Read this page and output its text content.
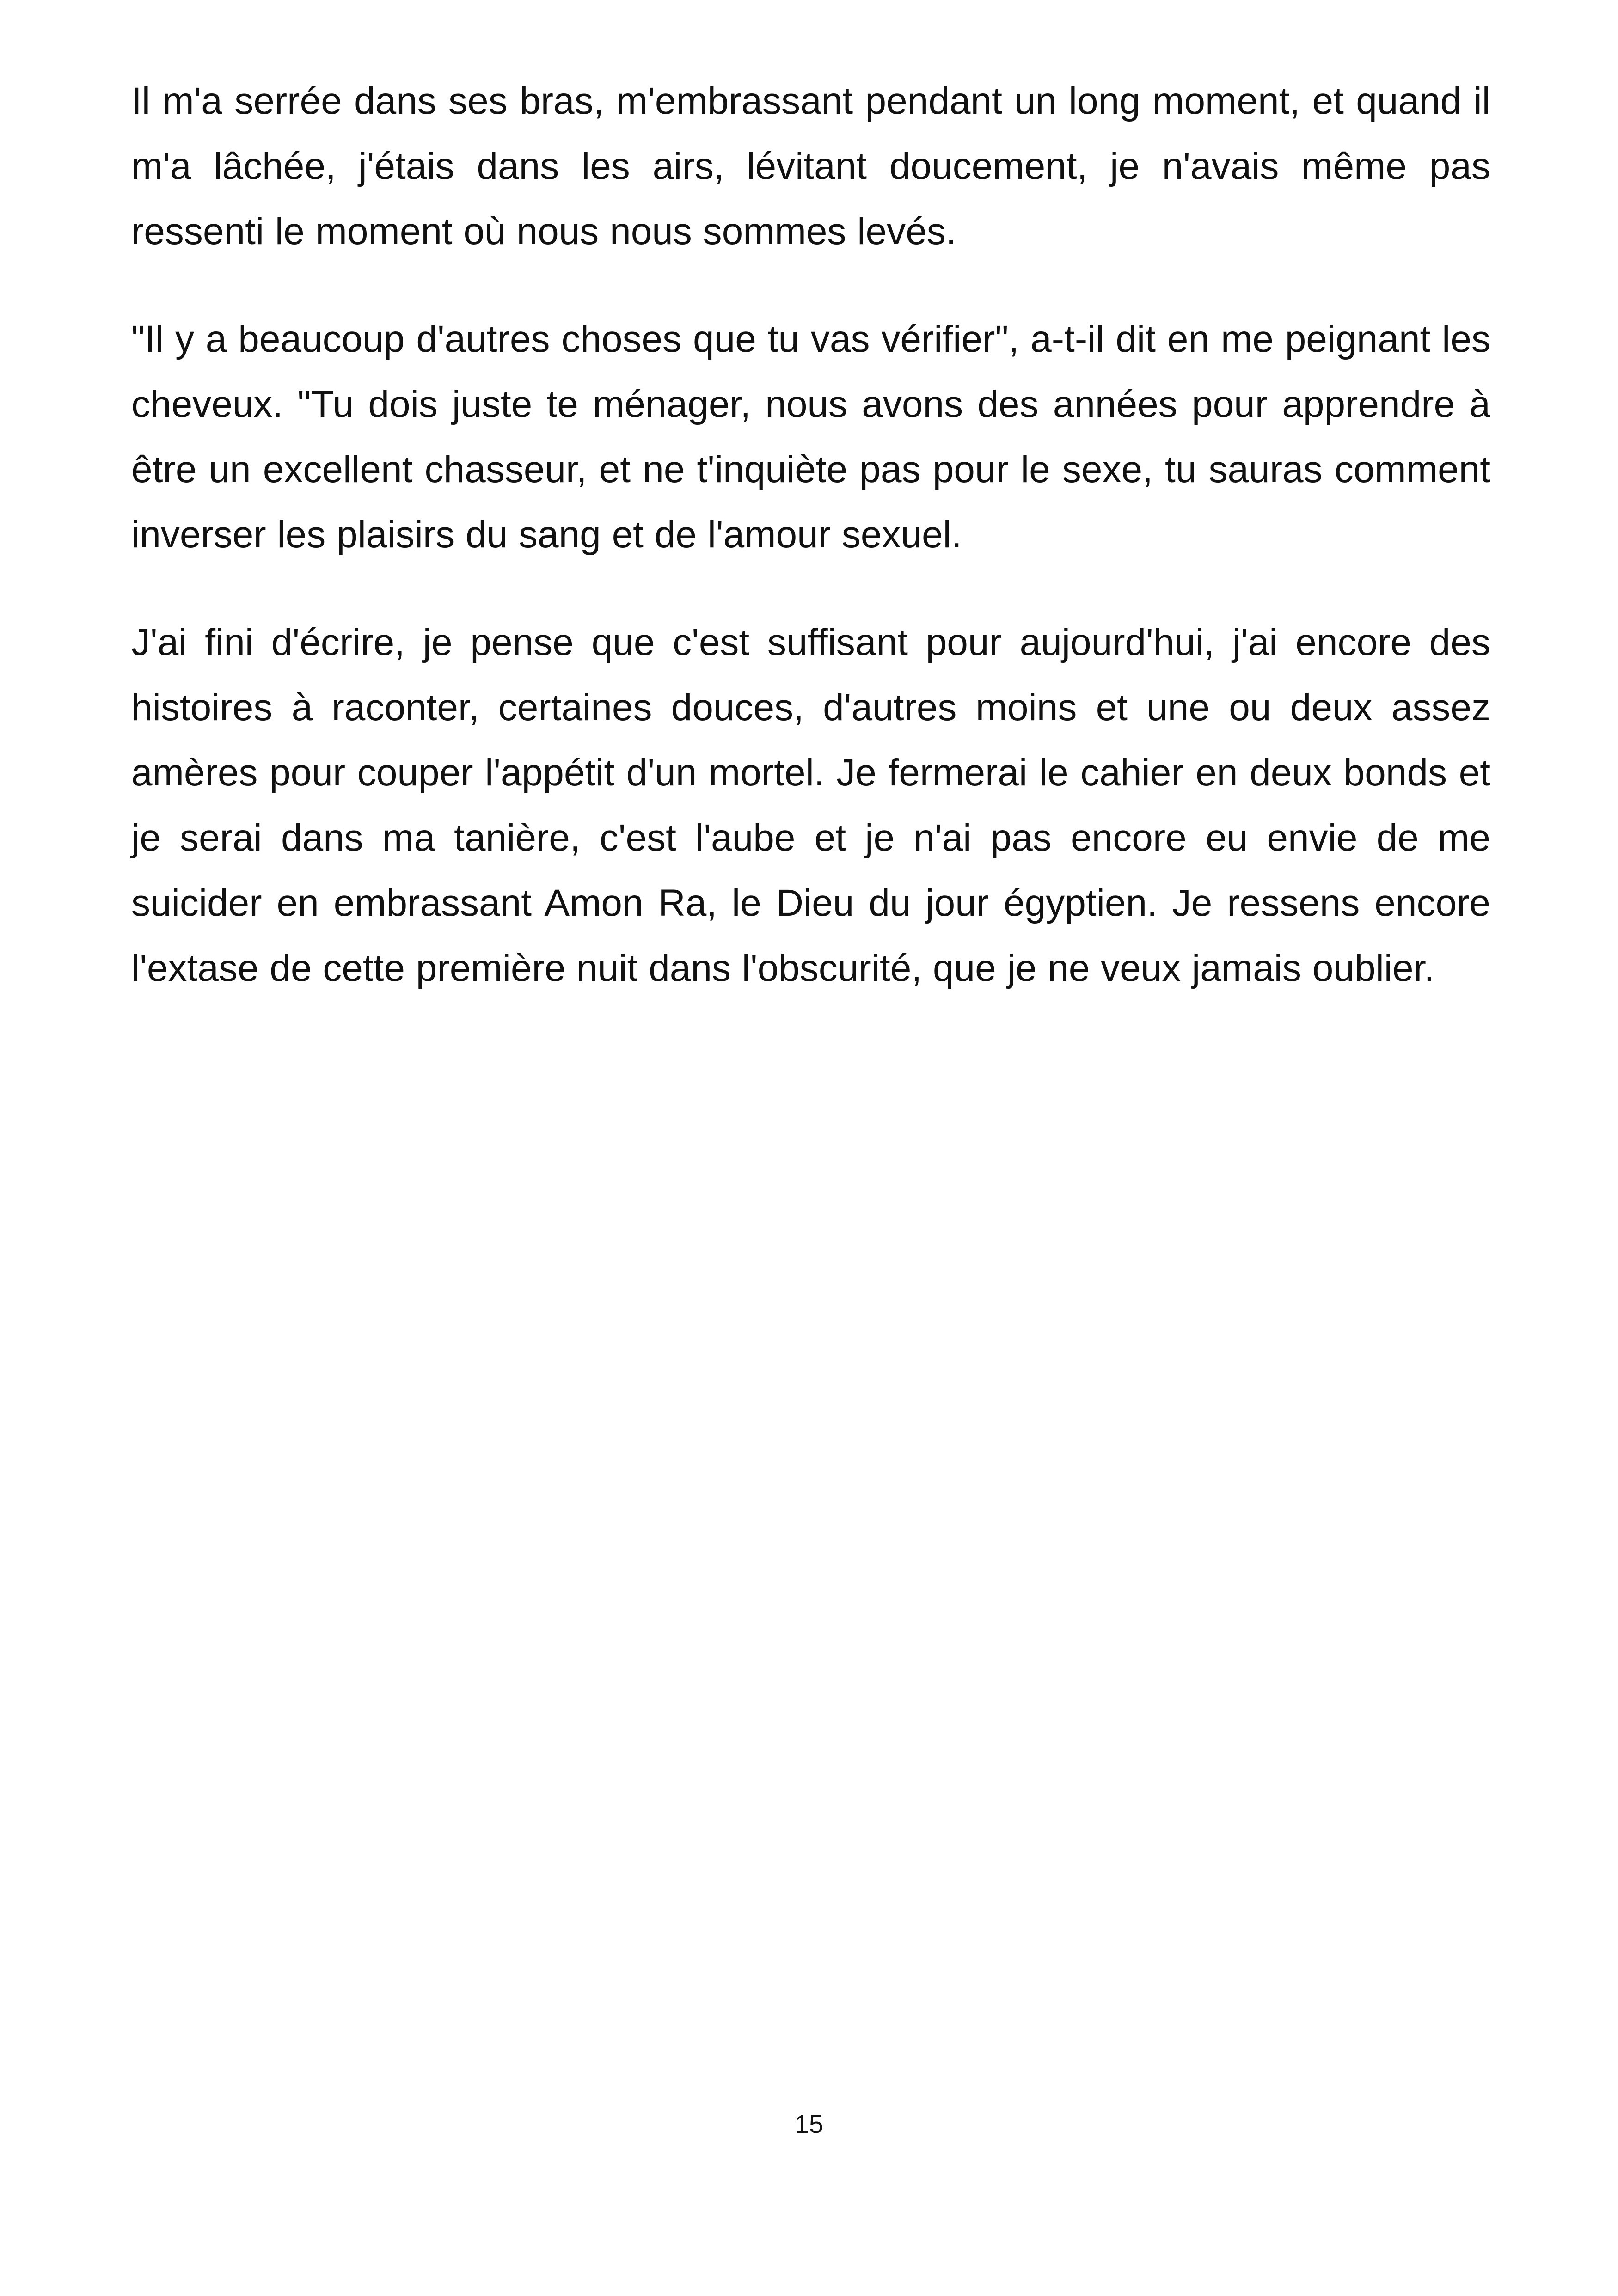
Il m'a serrée dans ses bras, m'embrassant pendant un long moment, et quand il m'a lâchée, j'étais dans les airs, lévitant doucement, je n'avais même pas ressenti le moment où nous nous sommes levés.

"Il y a beaucoup d'autres choses que tu vas vérifier", a-t-il dit en me peignant les cheveux. "Tu dois juste te ménager, nous avons des années pour apprendre à être un excellent chasseur, et ne t'inquiète pas pour le sexe, tu sauras comment inverser les plaisirs du sang et de l'amour sexuel.

J'ai fini d'écrire, je pense que c'est suffisant pour aujourd'hui, j'ai encore des histoires à raconter, certaines douces, d'autres moins et une ou deux assez amères pour couper l'appétit d'un mortel. Je fermerai le cahier en deux bonds et je serai dans ma tanière, c'est l'aube et je n'ai pas encore eu envie de me suicider en embrassant Amon Ra, le Dieu du jour égyptien. Je ressens encore l'extase de cette première nuit dans l'obscurité, que je ne veux jamais oublier.

15
